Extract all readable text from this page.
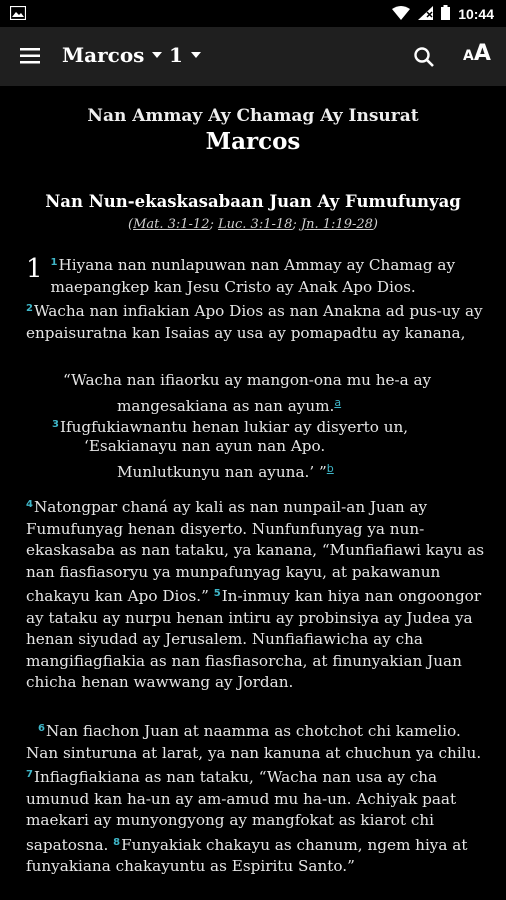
10:44
Marcos 1	AA
Nan Ammay Ay Chamag Ay Insurat
Marcos
Nan Nun-ekaskasabaan Juan Ay Fumufunyag
(Mat. 3:1-12; Luc. 3:1-18; Jn. 1:19-28)
1 $^1$Hiyana nan nunlapuwan nan Ammay ay Chamag ay maepangkep kan Jesu Cristo ay Anak Apo Dios.
$^2$Wacha nan infiakian Apo Dios as nan Anakna ad pus-uy ay enpaisuratna kan Isaias ay usa ay pomapadtu ay kanana,
“Wacha nan ifiaorku ay mangon-ona mu he-a ay
mangesakiana as nan ayum.$^a$
$^3$Ifugfukiawnantu henan lukiar ay disyerto un,
‘Esakianayu nan ayun nan Apo.
Munlutkunyu nan ayuna.’ ”$^b$
$^4$Natongpar chaná ay kali as nan nunpail-an Juan ay Fumufunyag henan disyerto. Nunfunfunyag ya nun-ekaskasaba as nan tataku, ya kanana, “Munfiafiawi kayu as nan fiasfiasoryu ya munpafunyag kayu, at pakawanun chakayu kan Apo Dios.” $^5$In-inmuy kan hiya nan ongoongor ay tataku ay nurpu henan intiru ay probinsiya ay Judea ya henan siyudad ay Jerusalem. Nunfiafiawicha ay cha mangifiagfiakia as nan fiasfiasorcha, at finunyakian Juan chicha henan wawwang ay Jordan.
$^6$Nan fiachon Juan at naamma as chotchot chi kamelio. Nan sinturuna at larat, ya nan kanuna at chuchun ya chilu. $^7$Infiagfiakiana as nan tataku, “Wacha nan usa ay cha umunud kan ha-un ay am-amud mu ha-un. Achiyak paat maekari ay munyongyong ay mangfokat as kiarot chi sapatosna. $^8$Funyakiak chakayu as chanum, ngem hiya at funyakiana chakayuntu as Espiritu Santo.”
